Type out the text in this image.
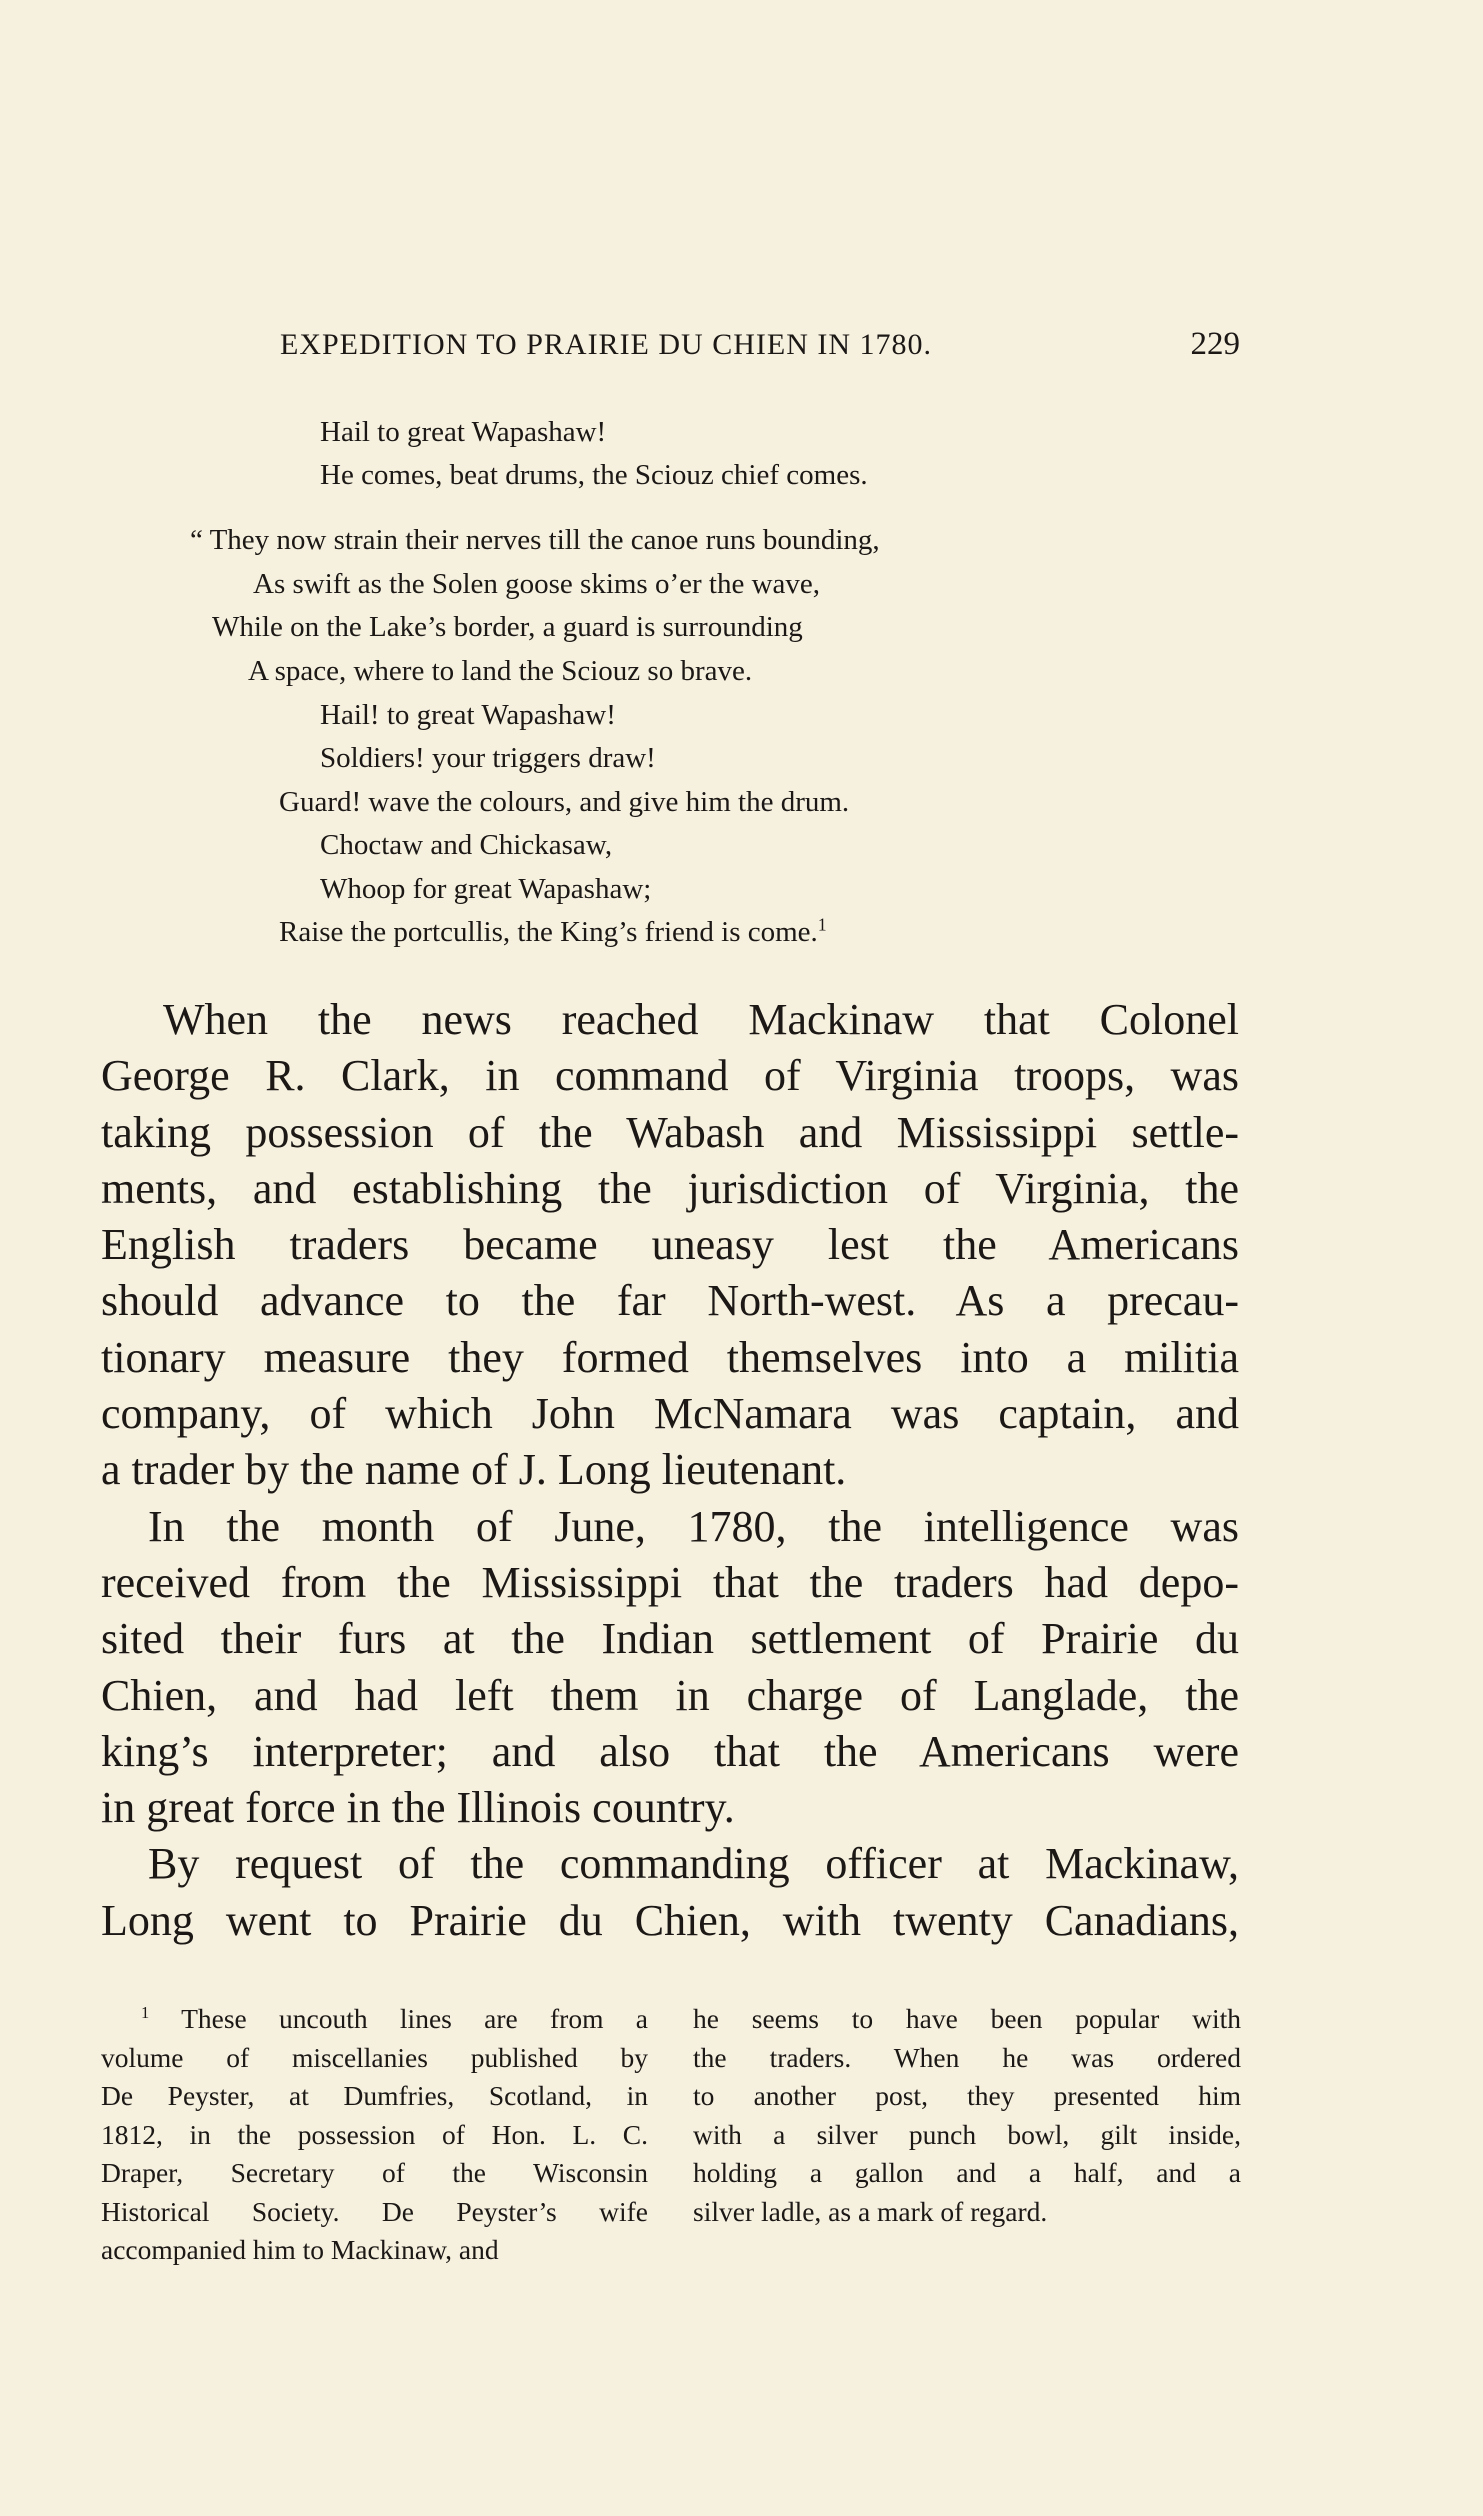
EXPEDITION TO PRAIRIE DU CHIEN IN 1780.	229
Hail to great Wapashaw!
He comes, beat drums, the Sciouz chief comes.
“ They now strain their nerves till the canoe runs bounding,
As swift as the Solen goose skims o’er the wave,
While on the Lake’s border, a guard is surrounding
A space, where to land the Sciouz so brave.
Hail! to great Wapashaw!
Soldiers! your triggers draw!
Guard! wave the colours, and give him the drum.
Choctaw and Chickasaw,
Whoop for great Wapashaw;
Raise the portcullis, the King’s friend is come.$^1$

When the news reached Mackinaw that Colonel
George R. Clark, in command of Virginia troops, was
taking possession of the Wabash and Mississippi settle-
ments, and establishing the jurisdiction of Virginia, the
English traders became uneasy lest the Americans
should advance to the far North-west. As a precau-
tionary measure they formed themselves into a militia
company, of which John McNamara was captain, and
a trader by the name of J. Long lieutenant.

In the month of June, 1780, the intelligence was
received from the Mississippi that the traders had depo-
sited their furs at the Indian settlement of Prairie du
Chien, and had left them in charge of Langlade, the
king’s interpreter; and also that the Americans were
in great force in the Illinois country.

By request of the commanding officer at Mackinaw,
Long went to Prairie du Chien, with twenty Canadians,

$^1$ These uncouth lines are from a
volume of miscellanies published by
De Peyster, at Dumfries, Scotland, in
1812, in the possession of Hon. L. C.
Draper, Secretary of the Wisconsin
Historical Society. De Peyster’s wife
accompanied him to Mackinaw, and
he seems to have been popular with
the traders. When he was ordered
to another post, they presented him
with a silver punch bowl, gilt inside,
holding a gallon and a half, and a
silver ladle, as a mark of regard.
